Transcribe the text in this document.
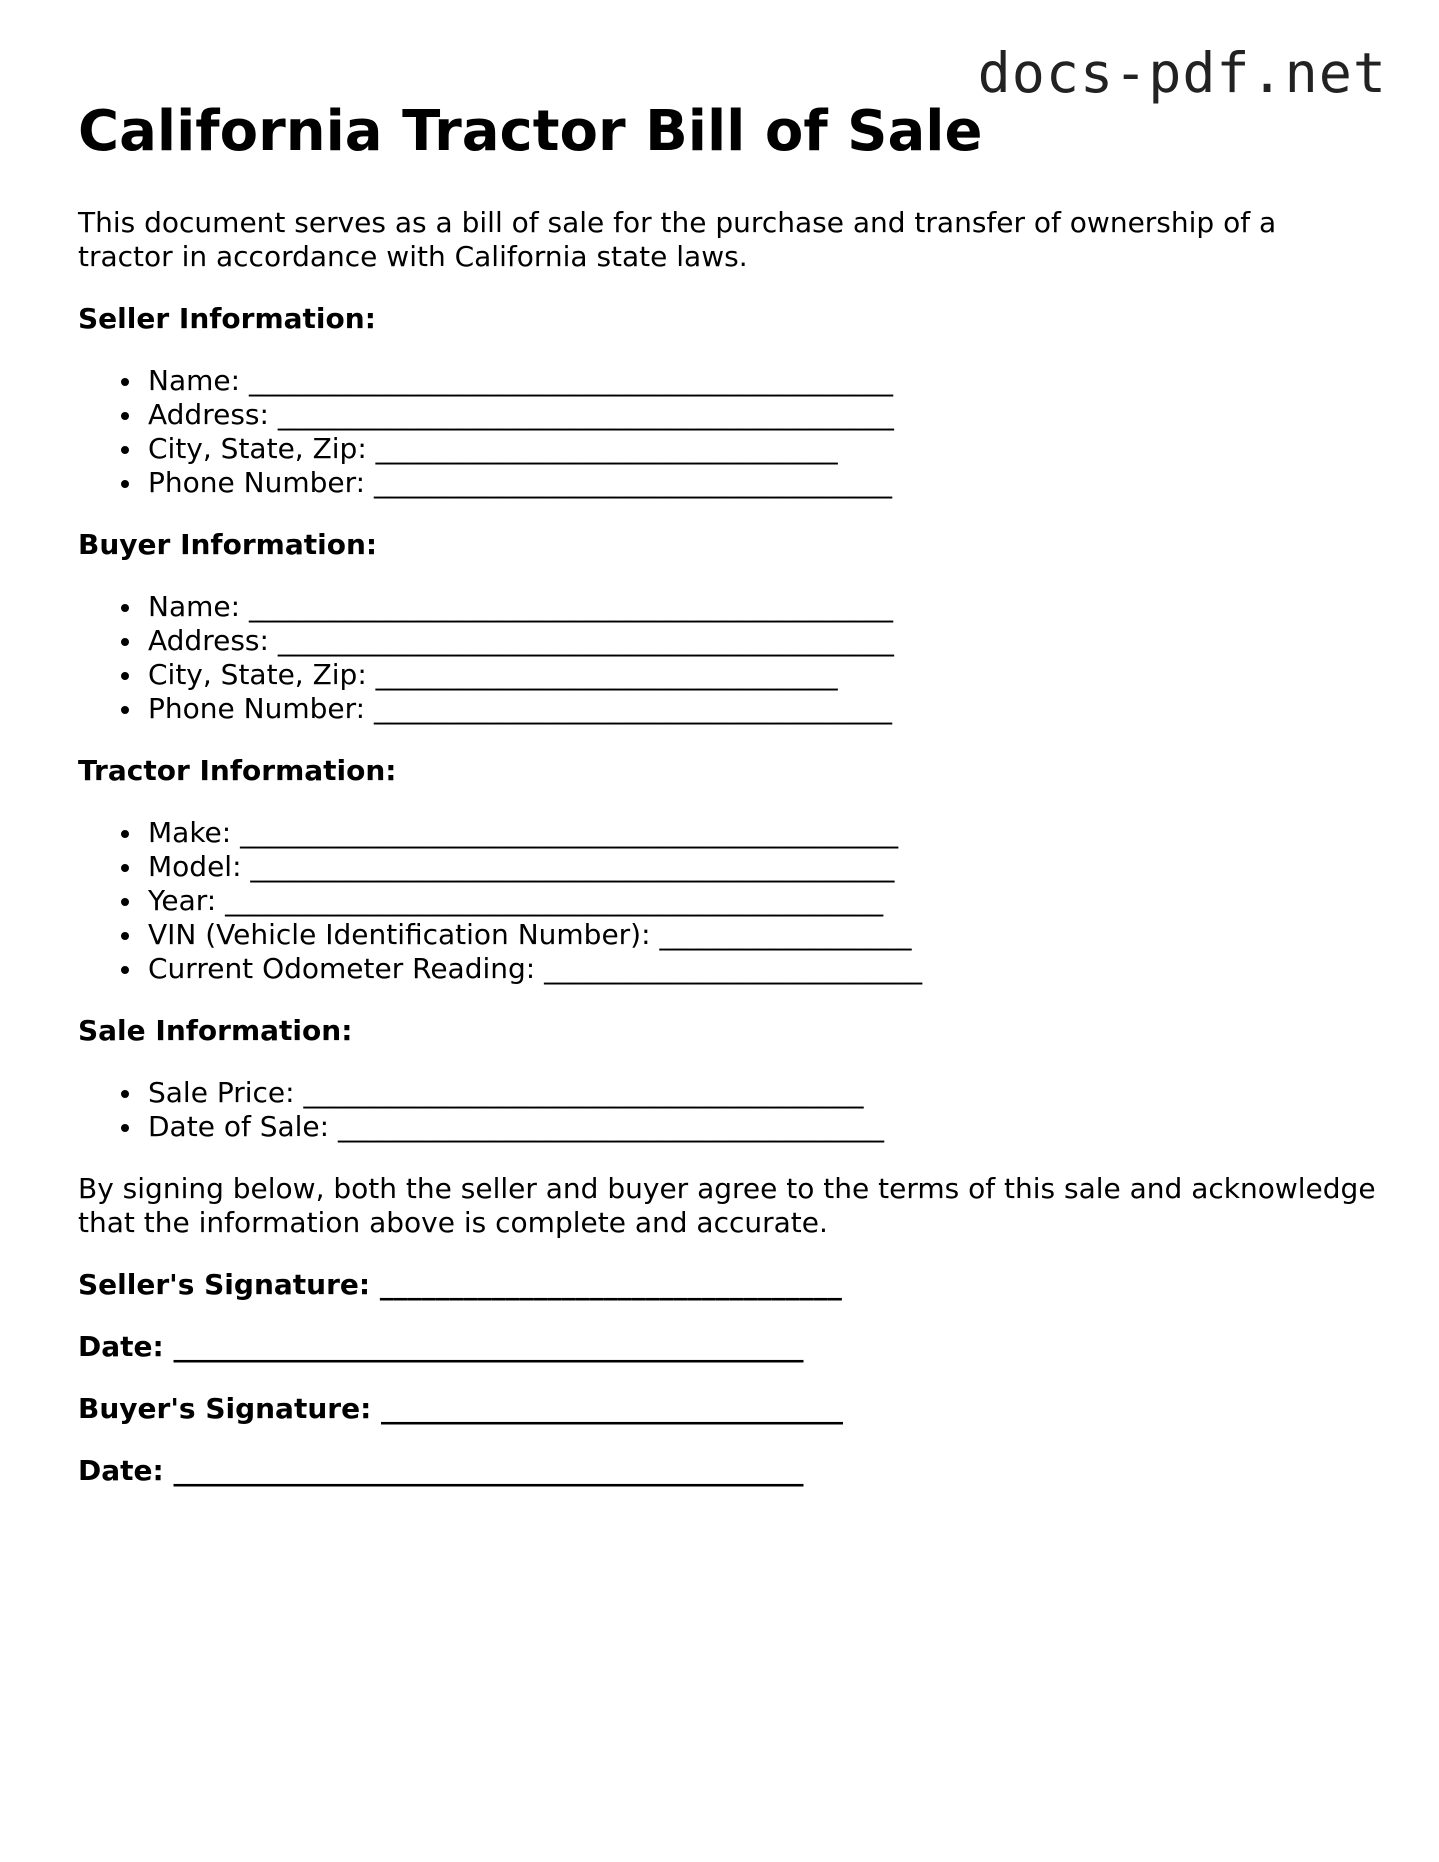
docs-pdf.net
California Tractor Bill of Sale

This document serves as a bill of sale for the purchase and transfer of ownership of a tractor in accordance with California state laws.

Seller Information:
Name: ______________________________________________
Address: ____________________________________________
City, State, Zip: _________________________________
Phone Number: _____________________________________
Buyer Information:
Name: ______________________________________________
Address: ____________________________________________
City, State, Zip: _________________________________
Phone Number: _____________________________________
Tractor Information:
Make: _______________________________________________
Model: ______________________________________________
Year: _______________________________________________
VIN (Vehicle Identification Number): __________________
Current Odometer Reading: ___________________________
Sale Information:
Sale Price: ________________________________________
Date of Sale: _______________________________________

By signing below, both the seller and buyer agree to the terms of this sale and acknowledge that the information above is complete and accurate.

Seller's Signature: _________________________________
Date: _____________________________________________
Buyer's Signature: _________________________________
Date: _____________________________________________
